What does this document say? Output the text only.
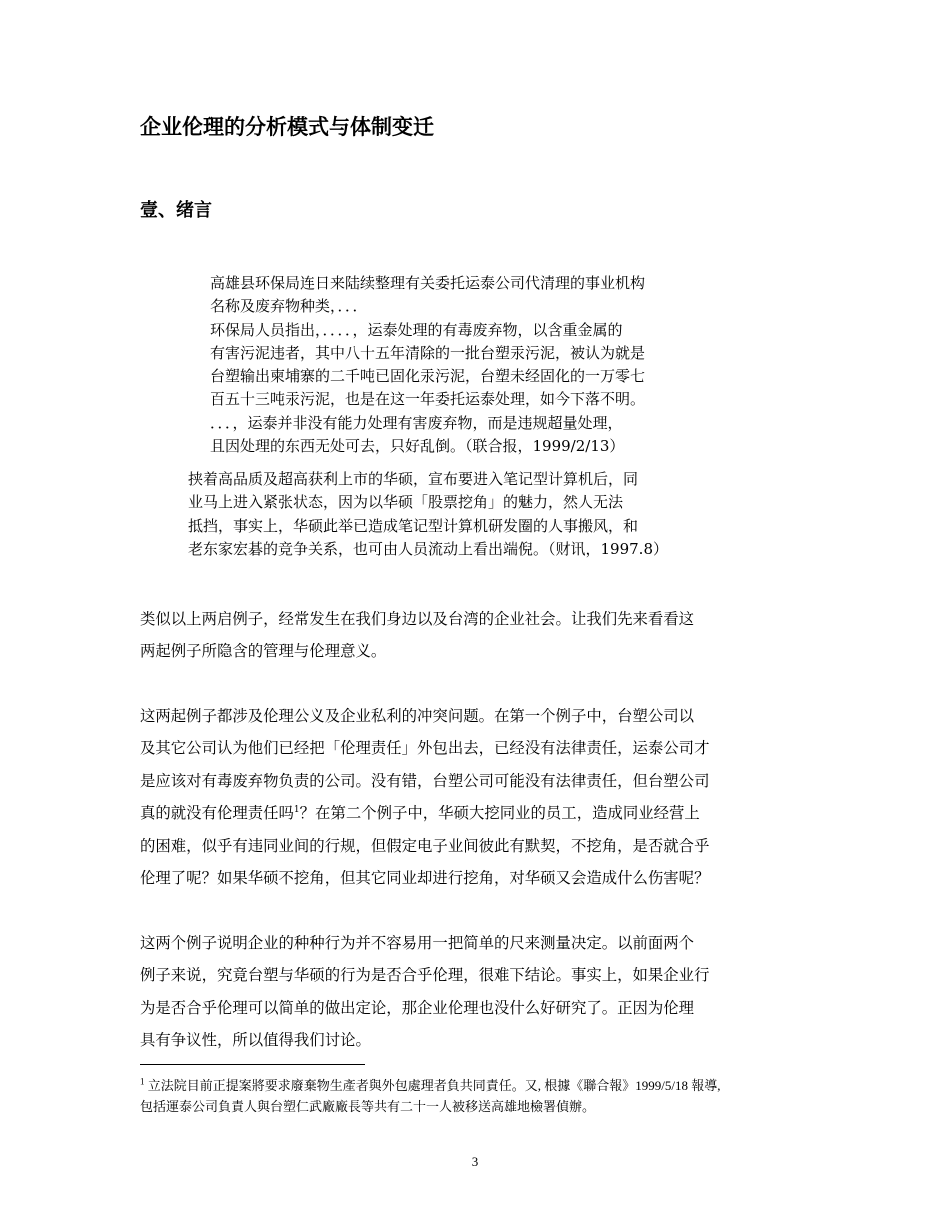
企业伦理的分析模式与体制变迁
壹、绪言
高雄县环保局连日来陆续整理有关委托运泰公司代清理的事业机构
名称及废弃物种类，．．．
环保局人员指出，．．．．，运泰处理的有毒废弃物，以含重金属的
有害污泥违者，其中八十五年清除的一批台塑汞污泥，被认为就是
台塑输出柬埔寨的二千吨已固化汞污泥，台塑未经固化的一万零七
百五十三吨汞污泥，也是在这一年委托运泰处理，如今下落不明。
．．．，运泰并非没有能力处理有害废弃物，而是违规超量处理，
且因处理的东西无处可去，只好乱倒。（联合报，1999/2/13）
挟着高品质及超高获利上市的华硕，宣布要进入笔记型计算机后，同
业马上进入紧张状态，因为以华硕「股票挖角」的魅力，然人无法
抵挡，事实上，华硕此举已造成笔记型计算机研发圈的人事搬风，和
老东家宏碁的竞争关系，也可由人员流动上看出端倪。（财讯，1997.8）
类似以上两启例子，经常发生在我们身边以及台湾的企业社会。让我们先来看看这
两起例子所隐含的管理与伦理意义。
这两起例子都涉及伦理公义及企业私利的冲突问题。在第一个例子中，台塑公司以
及其它公司认为他们已经把「伦理责任」外包出去，已经没有法律责任，运泰公司才
是应该对有毒废弃物负责的公司。没有错，台塑公司可能没有法律责任，但台塑公司
真的就没有伦理责任吗$^1$？在第二个例子中，华硕大挖同业的员工，造成同业经营上
的困难，似乎有违同业间的行规，但假定电子业间彼此有默契，不挖角，是否就合乎
伦理了呢？如果华硕不挖角，但其它同业却进行挖角，对华硕又会造成什么伤害呢？
这两个例子说明企业的种种行为并不容易用一把简单的尺来测量决定。以前面两个
例子来说，究竟台塑与华硕的行为是否合乎伦理，很难下结论。事实上，如果企业行
为是否合乎伦理可以简单的做出定论，那企业伦理也没什么好研究了。正因为伦理
具有争议性，所以值得我们讨论。
$^1$ 立法院目前正提案將要求廢棄物生產者與外包處理者負共同責任。又, 根據《聯合報》1999/5/18 報導,
包括運泰公司負責人與台塑仁武廠廠長等共有二十一人被移送高雄地檢署偵辦。
3
